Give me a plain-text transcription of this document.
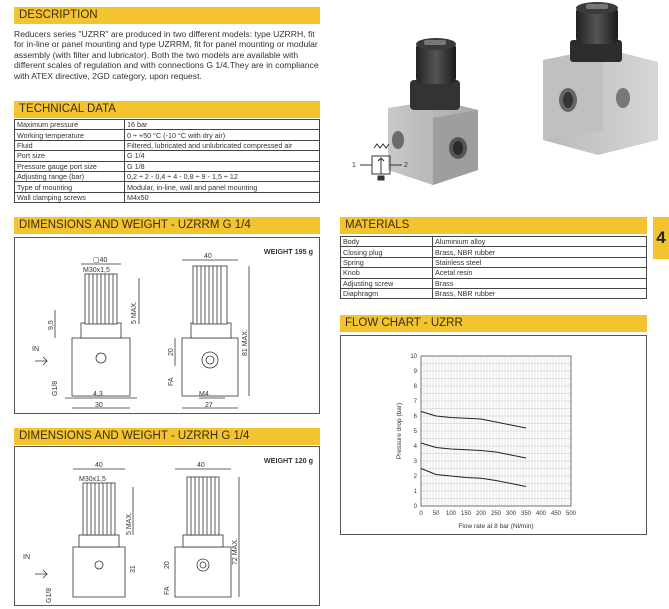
DESCRIPTION
Reducers series "UZRR" are produced in two different models: type UZRRH, fit for in-line or panel mounting and type UZRRM, fit for panel mounting or modular assembly (with filter and lubricator). Both the two models are available with different scales of regulation and with connections G 1/4.They are in compliance with ATEX directive, 2GD category, upon request.
TECHNICAL DATA
Maximum pressure	16 bar
Working temperature	0 ÷ +50 °C (-10 °C with dry air)
Fluid	Filtered, lubricated and unlubricated compressed air
Port size	G 1/4
Pressure gauge port size	G 1/8
Adjusting range (bar)	0,2 ÷ 2 - 0,4 ÷ 4 - 0,8 ÷ 9 - 1,5 ÷ 12
Type of mounting	Modular, in-line, wall and panel mounting
Wall clamping screws	M4x50
1	2
DIMENSIONS AND WEIGHT - UZRRM G 1/4
WEIGHT 195 g
▢40
M30x1,5
9,5
5 MAX.
IN
G1/8	4,3
30
40
20	81 MAX.
FA
M4
27
DIMENSIONS AND WEIGHT - UZRRH G 1/4
WEIGHT 120 g
40
M30x1,5
5 MAX.
IN
G1/8
31
40
20
72 MAX.
FA
MATERIALS
Body	Aluminium alloy
Closing plug	Brass, NBR rubber
Spring	Stainless steel
Knob	Acetal resin
Adjusting screw	Brass
Diaphragm	Brass, NBR rubber
4
FLOW CHART - UZRR
0 50 100 150 200 250 300 350 400 450 500
0
1
2
3
4
5
6
7
8
9
10
Flow rate at 8 bar (Nl/min)
Pressure drop (bar)
